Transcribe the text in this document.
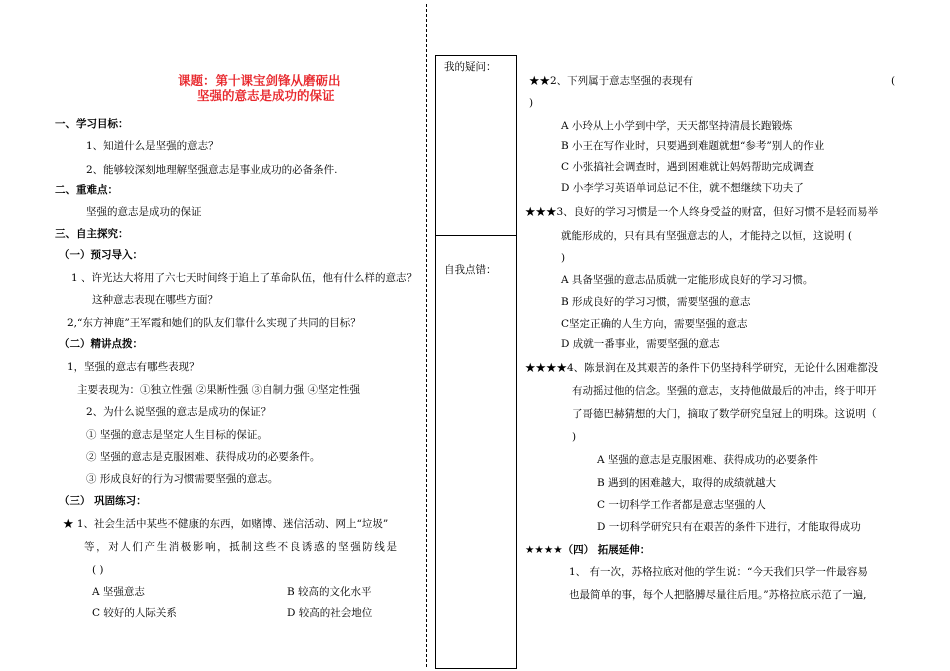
课题：第十课宝剑锋从磨砺出
坚强的意志是成功的保证
一、学习目标：
1、知道什么是坚强的意志？
2、能够较深刻地理解坚强意志是事业成功的必备条件.
二、重难点：
坚强的意志是成功的保证
三、自主探究：
（一）预习导入：
1 、许光达大将用了六七天时间终于追上了革命队伍，他有什么样的意志？
这种意志表现在哪些方面？
2,“东方神鹿”王军霞和她们的队友们靠什么实现了共同的目标？
（二）精讲点拨：
1，坚强的意志有哪些表现？
主要表现为：①独立性强 ②果断性强 ③自制力强 ④坚定性强
2、为什么说坚强的意志是成功的保证？
① 坚强的意志是坚定人生目标的保证。
② 坚强的意志是克服困难、获得成功的必要条件。
③ 形成良好的行为习惯需要坚强的意志。
（三） 巩固练习：
★ 1、社会生活中某些不健康的东西，如赌博、迷信活动、网上“垃圾”
等，对人们产生消极影响，抵制这些不良诱惑的坚强防线是
( )
A 坚强意志	B 较高的文化水平
C 较好的人际关系	D 较高的社会地位
我的疑问：
自我点错：
★★2、下列属于意志坚强的表现有	(
)
A 小玲从上小学到中学，天天都坚持清晨长跑锻炼
B 小王在写作业时，只要遇到难题就想“参考”别人的作业
C 小张搞社会调查时，遇到困难就让妈妈帮助完成调查
D 小李学习英语单词总记不住，就不想继续下功夫了
★★★3、良好的学习习惯是一个人终身受益的财富，但好习惯不是轻而易举
就能形成的，只有具有坚强意志的人，才能持之以恒，这说明 (
)
A 具备坚强的意志品质就一定能形成良好的学习习惯。
B 形成良好的学习习惯，需要坚强的意志
C坚定正确的人生方向，需要坚强的意志
D 成就一番事业，需要坚强的意志
★★★★4、陈景润在及其艰苦的条件下仍坚持科学研究，无论什么困难都没
有动摇过他的信念。坚强的意志，支持他做最后的冲击，终于叩开
了哥德巴赫猜想的大门，摘取了数学研究皇冠上的明珠。这说明（
)
A 坚强的意志是克服困难、获得成功的必要条件
B 遇到的困难越大，取得的成绩就越大
C 一切科学工作者都是意志坚强的人
D 一切科学研究只有在艰苦的条件下进行，才能取得成功
★★★★（四） 拓展延伸：
1、 有一次，苏格拉底对他的学生说：“今天我们只学一件最容易
也最简单的事，每个人把胳膊尽量往后甩。”苏格拉底示范了一遍,
